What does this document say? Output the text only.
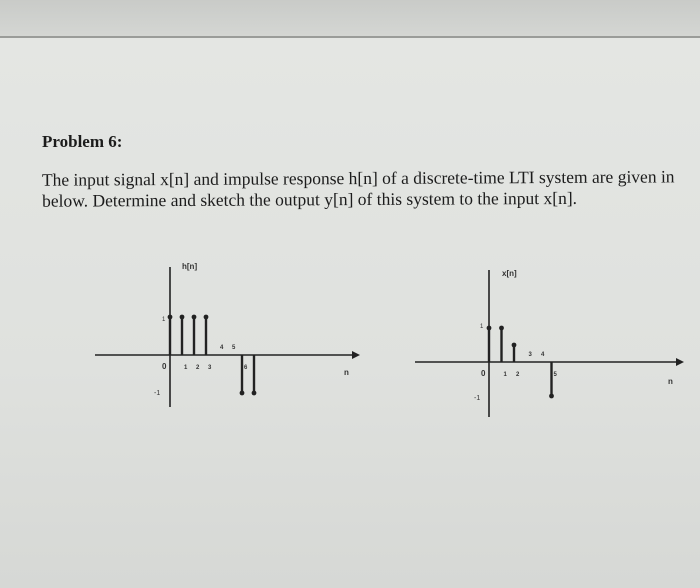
Problem 6:
The input signal x[n] and impulse response h[n] of a discrete-time LTI system are given in below. Determine and sketch the output y[n] of this system to the input x[n].
h[n]
n
1
-1
0	1 2 3
4 5
6
x[n]
n
1
-1
0	1 2
3 4
5
